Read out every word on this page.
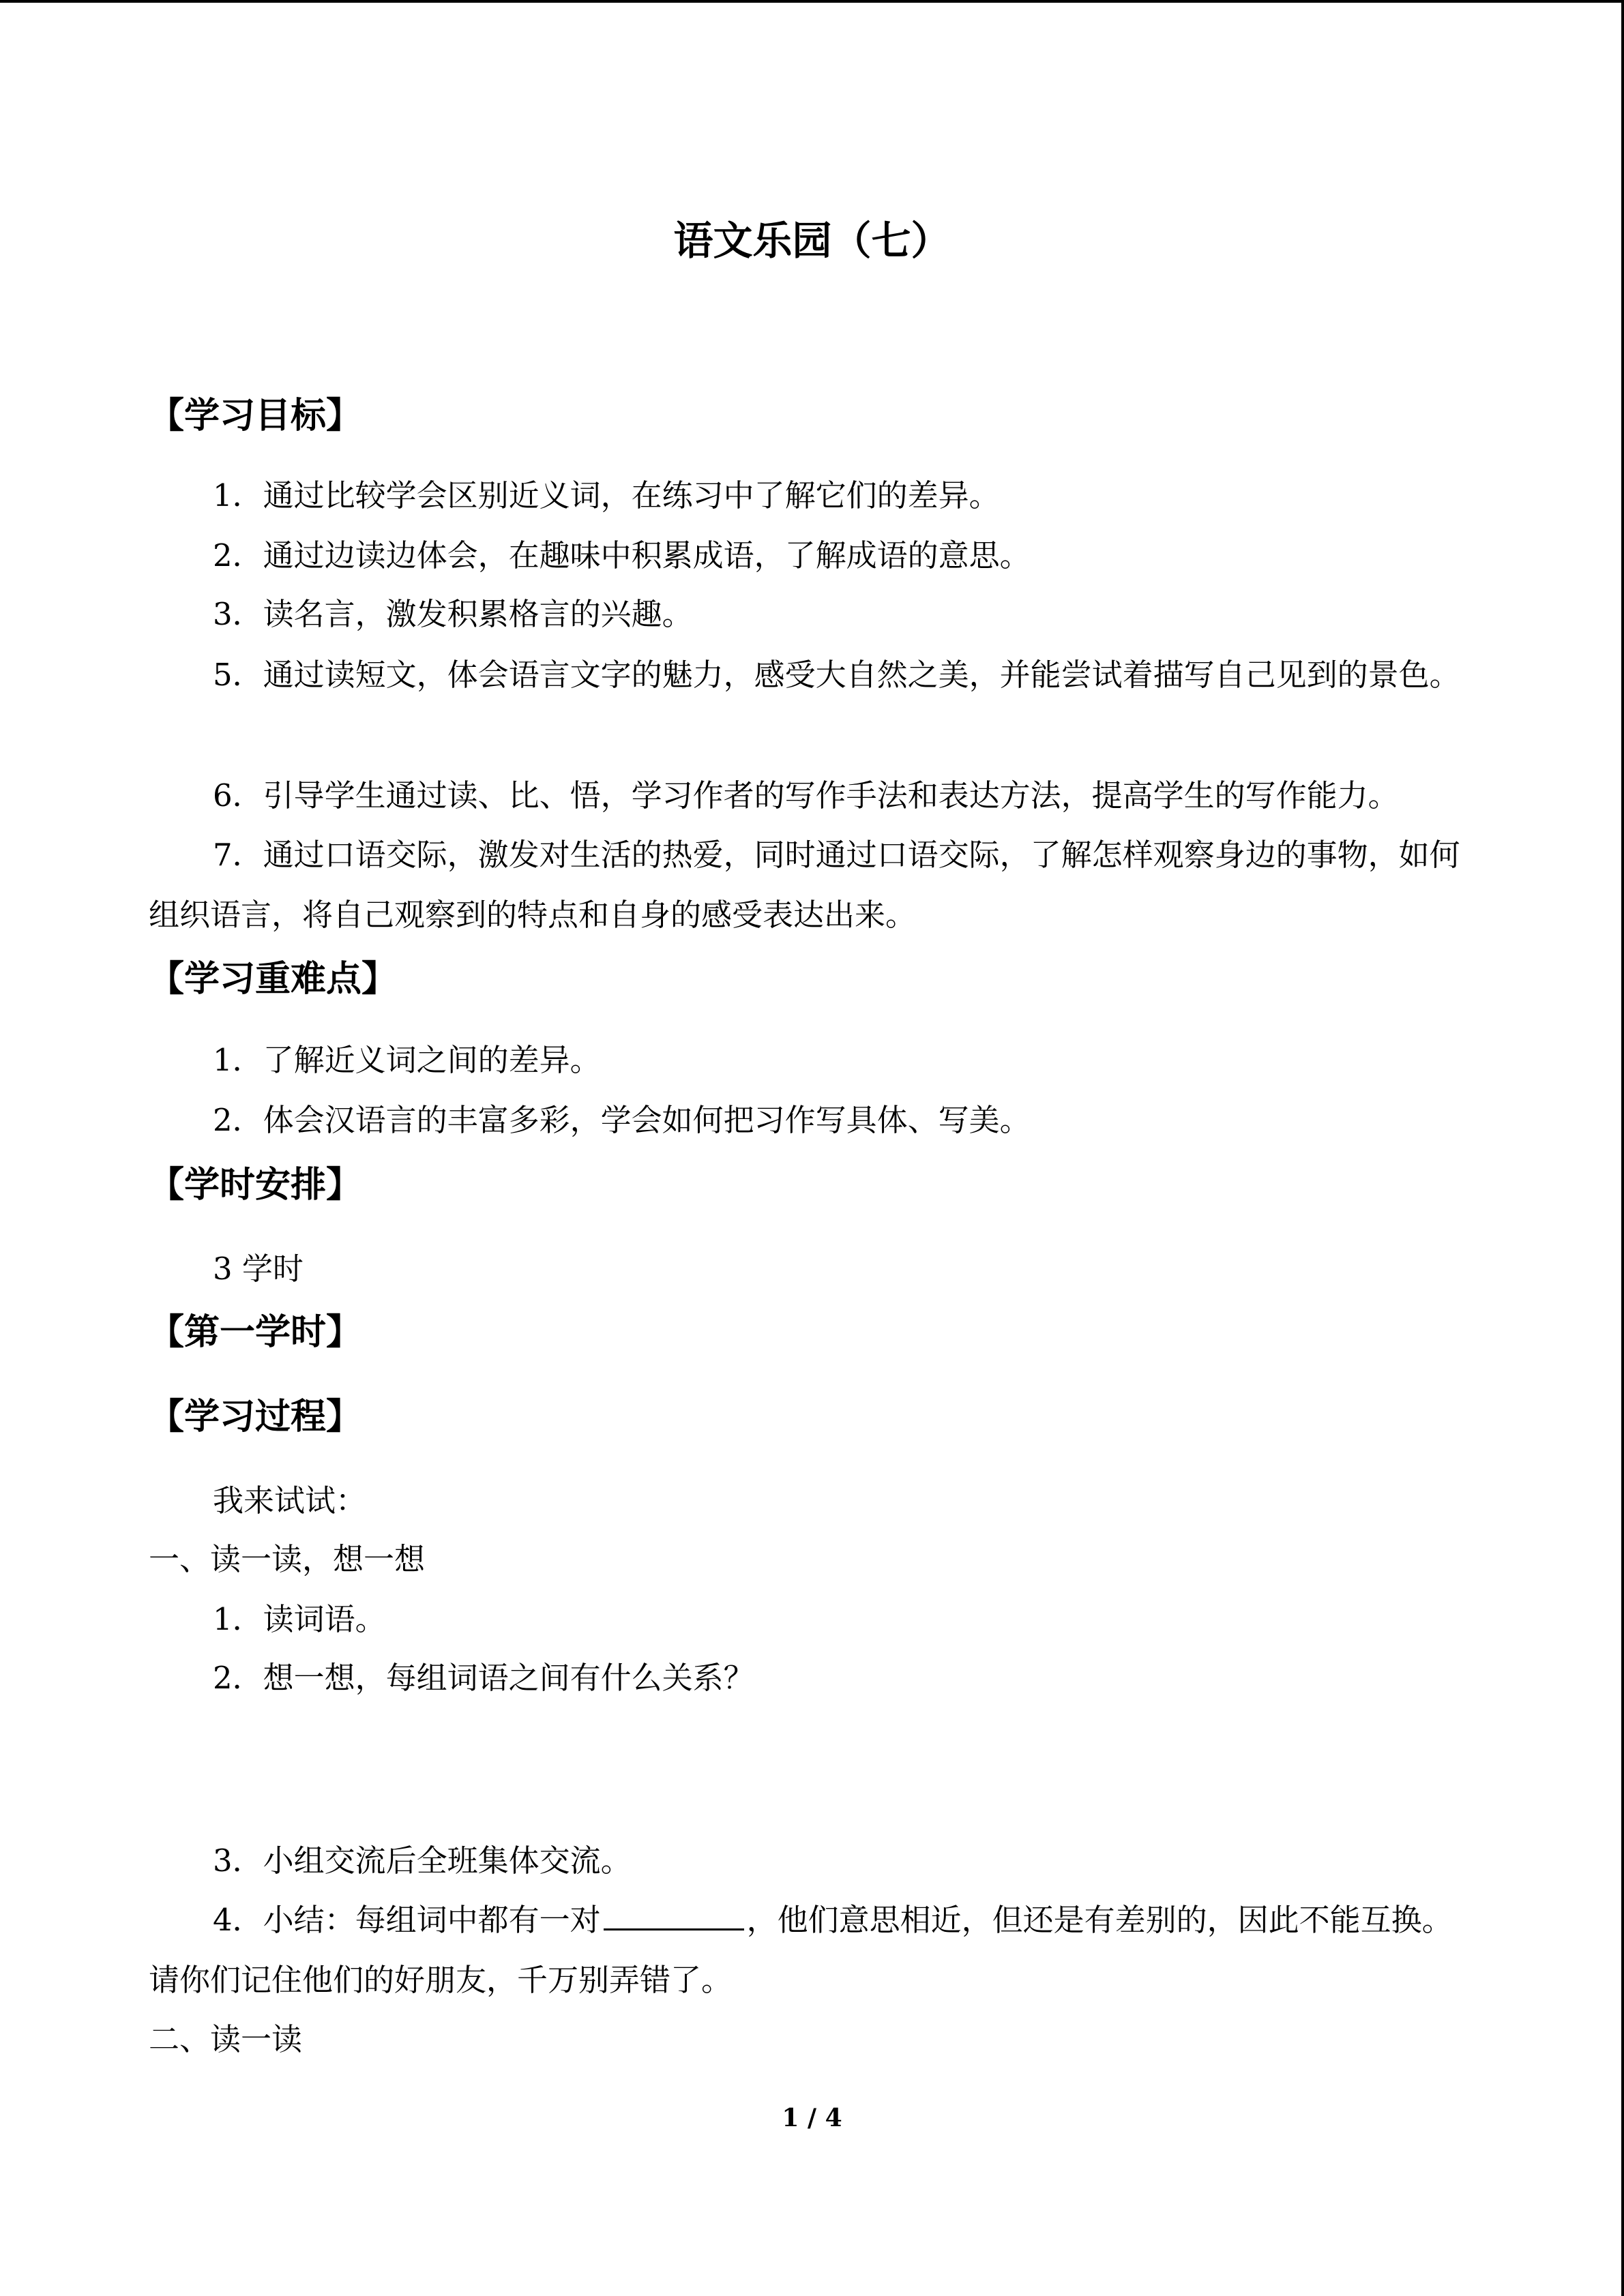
语文乐园（七）
【学习目标】
1．通过比较学会区别近义词，在练习中了解它们的差异。
2．通过边读边体会，在趣味中积累成语，了解成语的意思。
3．读名言，激发积累格言的兴趣。
5．通过读短文，体会语言文字的魅力，感受大自然之美，并能尝试着描写自己见到的景色。
6．引导学生通过读、比、悟，学习作者的写作手法和表达方法，提高学生的写作能力。
7．通过口语交际，激发对生活的热爱，同时通过口语交际，了解怎样观察身边的事物，如何组织语言，将自己观察到的特点和自身的感受表达出来。
【学习重难点】
1．了解近义词之间的差异。
2．体会汉语言的丰富多彩，学会如何把习作写具体、写美。
【学时安排】
3 学时
【第一学时】
【学习过程】
我来试试：
一、读一读，想一想
1．读词语。
2．想一想，每组词语之间有什么关系？
3．小组交流后全班集体交流。
4．小结：每组词中都有一对	，他们意思相近，但还是有差别的，因此不能互换。请你们记住他们的好朋友，千万别弄错了。
二、读一读
1 / 4
